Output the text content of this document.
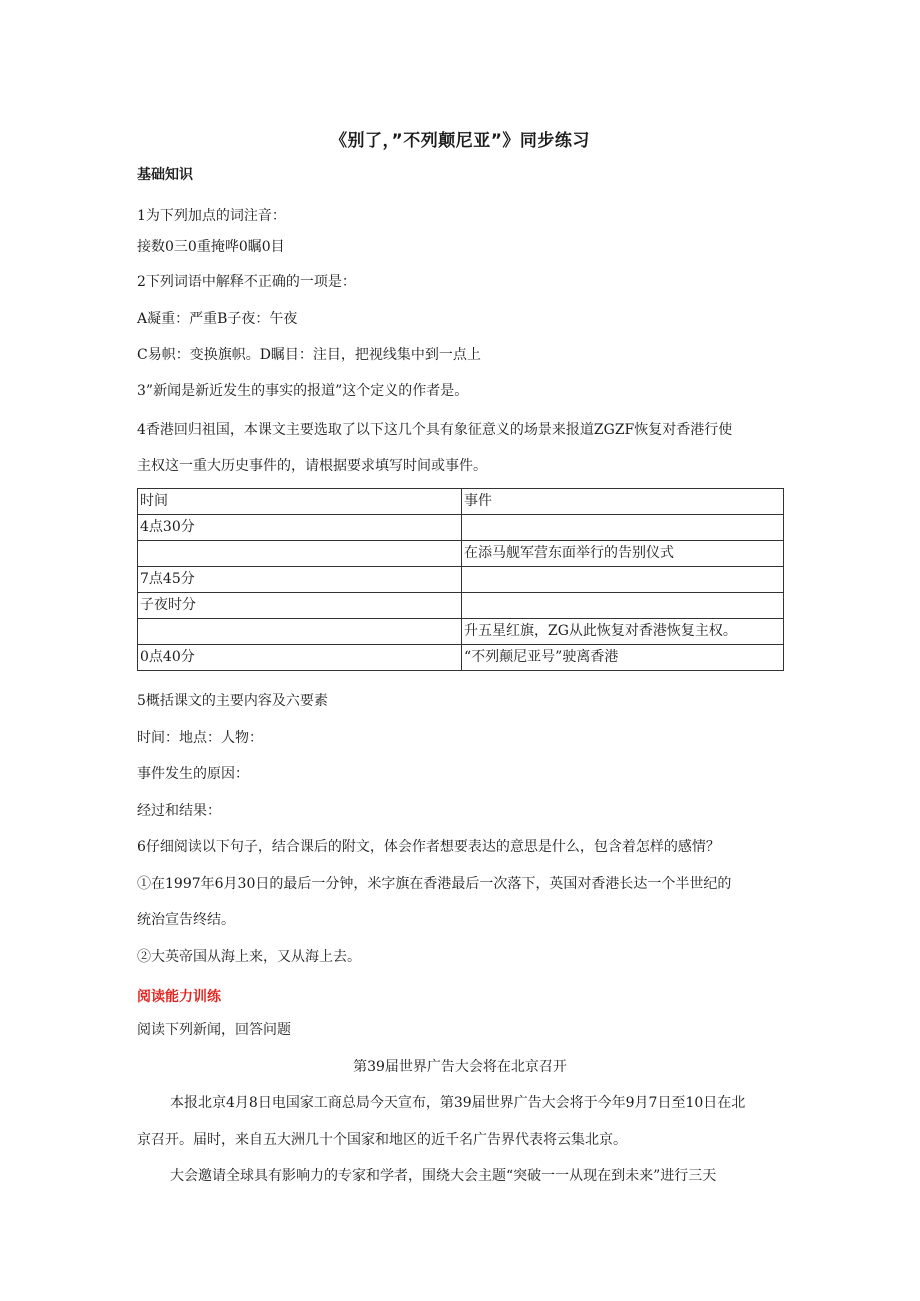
《别了，”不列颠尼亚”》同步练习
基础知识
1为下列加点的词注音：
接数0三0重掩哗0瞩0目
2下列词语中解释不正确的一项是：
A凝重：严重B子夜：午夜
C易帜：变换旗帜。D瞩目：注目，把视线集中到一点上
3”新闻是新近发生的事实的报道”这个定义的作者是。
4香港回归祖国，本课文主要选取了以下这几个具有象征意义的场景来报道ZGZF恢复对香港行使
主权这一重大历史事件的，请根据要求填写时间或事件。
时间	事件
4点30分	
	在添马舰军营东面举行的告别仪式
7点45分	
子夜时分	
	升五星红旗，ZG从此恢复对香港恢复主权。
0点40分	“不列颠尼亚号”驶离香港
5概括课文的主要内容及六要素
时间：地点：人物：
事件发生的原因：
经过和结果：
6仔细阅读以下句子，结合课后的附文，体会作者想要表达的意思是什么，包含着怎样的感情？
①在1997年6月30日的最后一分钟，米字旗在香港最后一次落下，英国对香港长达一个半世纪的
统治宣告终结。
②大英帝国从海上来，又从海上去。
阅读能力训练
阅读下列新闻，回答问题
第39届世界广告大会将在北京召开
本报北京4月8日电国家工商总局今天宣布，第39届世界广告大会将于今年9月7日至10日在北
京召开。届时，来自五大洲几十个国家和地区的近千名广告界代表将云集北京。
大会邀请全球具有影响力的专家和学者，围绕大会主题“突破一一从现在到未来”进行三天
